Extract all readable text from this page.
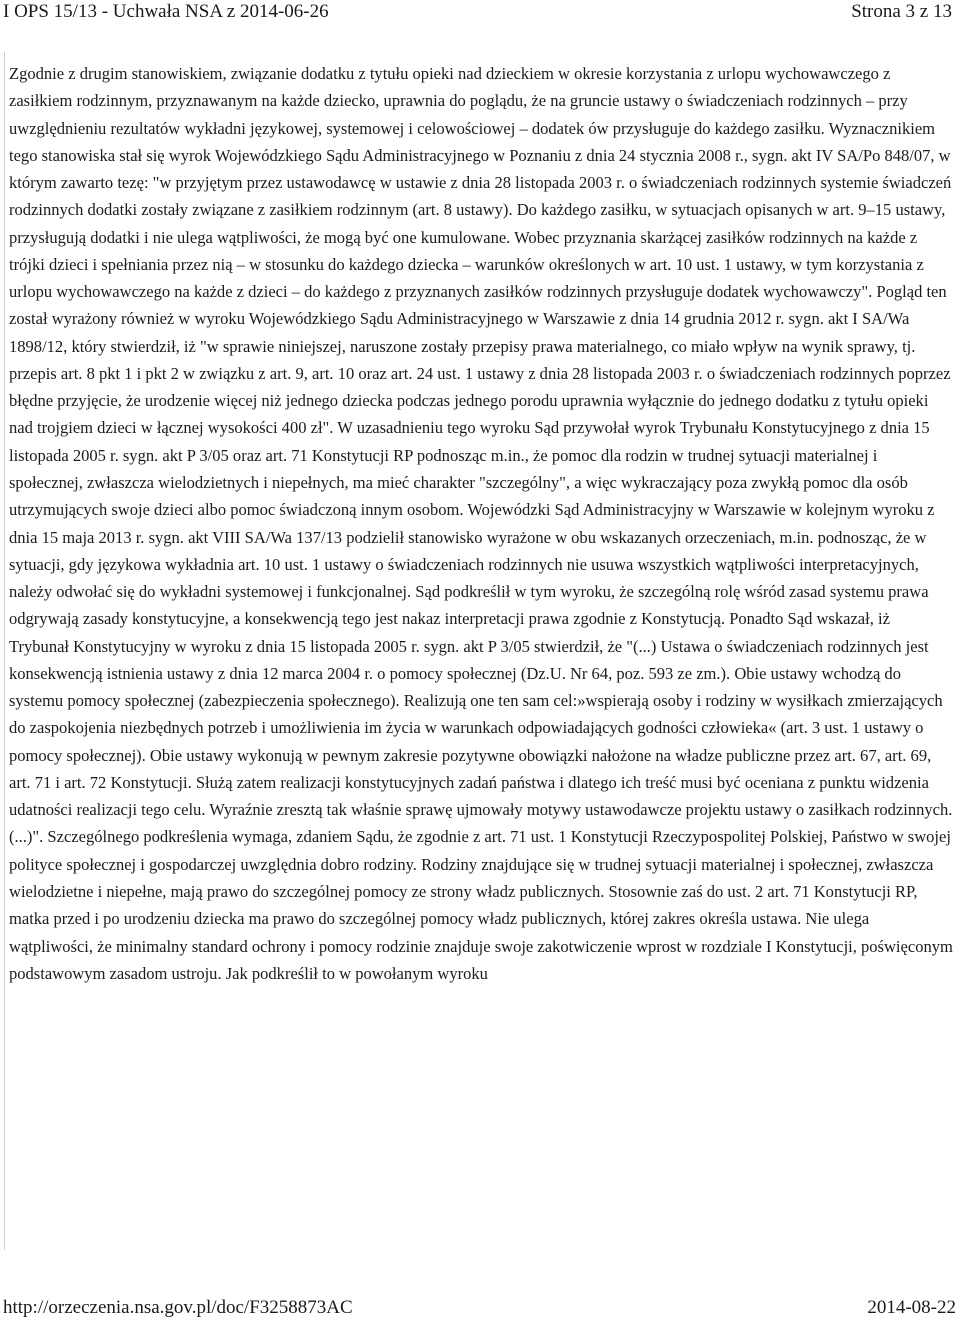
I OPS 15/13 - Uchwała NSA z 2014-06-26	Strona 3 z 13

Zgodnie z drugim stanowiskiem, związanie dodatku z tytułu opieki nad dzieckiem w okresie korzystania z urlopu wychowawczego z zasiłkiem rodzinnym, przyznawanym na każde dziecko, uprawnia do poglądu, że na gruncie ustawy o świadczeniach rodzinnych – przy uwzględnieniu rezultatów wykładni językowej, systemowej i celowościowej – dodatek ów przysługuje do każdego zasiłku. Wyznacznikiem tego stanowiska stał się wyrok Wojewódzkiego Sądu Administracyjnego w Poznaniu z dnia 24 stycznia 2008 r., sygn. akt IV SA/Po 848/07, w którym zawarto tezę: "w przyjętym przez ustawodawcę w ustawie z dnia 28 listopada 2003 r. o świadczeniach rodzinnych systemie świadczeń rodzinnych dodatki zostały związane z zasiłkiem rodzinnym (art. 8 ustawy). Do każdego zasiłku, w sytuacjach opisanych w art. 9–15 ustawy, przysługują dodatki i nie ulega wątpliwości, że mogą być one kumulowane. Wobec przyznania skarżącej zasiłków rodzinnych na każde z trójki dzieci i spełniania przez nią – w stosunku do każdego dziecka – warunków określonych w art. 10 ust. 1 ustawy, w tym korzystania z urlopu wychowawczego na każde z dzieci – do każdego z przyznanych zasiłków rodzinnych przysługuje dodatek wychowawczy". Pogląd ten został wyrażony również w wyroku Wojewódzkiego Sądu Administracyjnego w Warszawie z dnia 14 grudnia 2012 r. sygn. akt I SA/Wa 1898/12, który stwierdził, iż "w sprawie niniejszej, naruszone zostały przepisy prawa materialnego, co miało wpływ na wynik sprawy, tj. przepis art. 8 pkt 1 i pkt 2 w związku z art. 9, art. 10 oraz art. 24 ust. 1 ustawy z dnia 28 listopada 2003 r. o świadczeniach rodzinnych poprzez błędne przyjęcie, że urodzenie więcej niż jednego dziecka podczas jednego porodu uprawnia wyłącznie do jednego dodatku z tytułu opieki nad trojgiem dzieci w łącznej wysokości 400 zł". W uzasadnieniu tego wyroku Sąd przywołał wyrok Trybunału Konstytucyjnego z dnia 15 listopada 2005 r. sygn. akt P 3/05 oraz art. 71 Konstytucji RP podnosząc m.in., że pomoc dla rodzin w trudnej sytuacji materialnej i społecznej, zwłaszcza wielodzietnych i niepełnych, ma mieć charakter "szczególny", a więc wykraczający poza zwykłą pomoc dla osób utrzymujących swoje dzieci albo pomoc świadczoną innym osobom. Wojewódzki Sąd Administracyjny w Warszawie w kolejnym wyroku z dnia 15 maja 2013 r. sygn. akt VIII SA/Wa 137/13 podzielił stanowisko wyrażone w obu wskazanych orzeczeniach, m.in. podnosząc, że w sytuacji, gdy językowa wykładnia art. 10 ust. 1 ustawy o świadczeniach rodzinnych nie usuwa wszystkich wątpliwości interpretacyjnych, należy odwołać się do wykładni systemowej i funkcjonalnej. Sąd podkreślił w tym wyroku, że szczególną rolę wśród zasad systemu prawa odgrywają zasady konstytucyjne, a konsekwencją tego jest nakaz interpretacji prawa zgodnie z Konstytucją. Ponadto Sąd wskazał, iż Trybunał Konstytucyjny w wyroku z dnia 15 listopada 2005 r. sygn. akt P 3/05 stwierdził, że "(...) Ustawa o świadczeniach rodzinnych jest konsekwencją istnienia ustawy z dnia 12 marca 2004 r. o pomocy społecznej (Dz.U. Nr 64, poz. 593 ze zm.). Obie ustawy wchodzą do systemu pomocy społecznej (zabezpieczenia społecznego). Realizują one ten sam cel:»wspierają osoby i rodziny w wysiłkach zmierzających do zaspokojenia niezbędnych potrzeb i umożliwienia im życia w warunkach odpowiadających godności człowieka« (art. 3 ust. 1 ustawy o pomocy społecznej). Obie ustawy wykonują w pewnym zakresie pozytywne obowiązki nałożone na władze publiczne przez art. 67, art. 69, art. 71 i art. 72 Konstytucji. Służą zatem realizacji konstytucyjnych zadań państwa i dlatego ich treść musi być oceniana z punktu widzenia udatności realizacji tego celu. Wyraźnie zresztą tak właśnie sprawę ujmowały motywy ustawodawcze projektu ustawy o zasiłkach rodzinnych. (...)". Szczególnego podkreślenia wymaga, zdaniem Sądu, że zgodnie z art. 71 ust. 1 Konstytucji Rzeczypospolitej Polskiej, Państwo w swojej polityce społecznej i gospodarczej uwzględnia dobro rodziny. Rodziny znajdujące się w trudnej sytuacji materialnej i społecznej, zwłaszcza wielodzietne i niepełne, mają prawo do szczególnej pomocy ze strony władz publicznych. Stosownie zaś do ust. 2 art. 71 Konstytucji RP, matka przed i po urodzeniu dziecka ma prawo do szczególnej pomocy władz publicznych, której zakres określa ustawa. Nie ulega wątpliwości, że minimalny standard ochrony i pomocy rodzinie znajduje swoje zakotwiczenie wprost w rozdziale I Konstytucji, poświęconym podstawowym zasadom ustroju. Jak podkreślił to w powołanym wyroku

http://orzeczenia.nsa.gov.pl/doc/F3258873AC	2014-08-22
